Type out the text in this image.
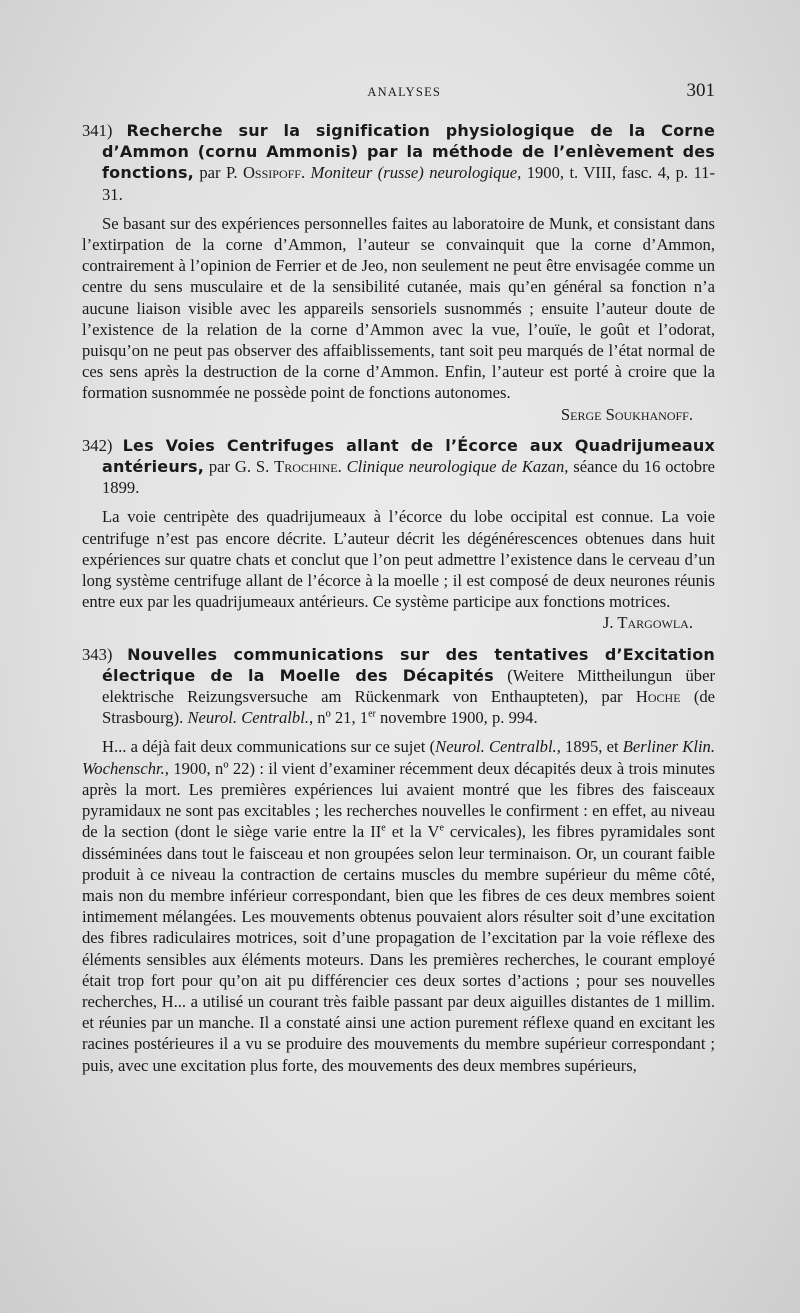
ANALYSES	301

341) Recherche sur la signification physiologique de la Corne d’Ammon (cornu Ammonis) par la méthode de l’enlèvement des fonctions, par P. Ossipoff. Moniteur (russe) neurologique, 1900, t. VIII, fasc. 4, p. 11-31.

Se basant sur des expériences personnelles faites au laboratoire de Munk, et consistant dans l’extirpation de la corne d’Ammon, l’auteur se convainquit que la corne d’Ammon, contrairement à l’opinion de Ferrier et de Jeo, non seulement ne peut être envisagée comme un centre du sens musculaire et de la sensibilité cutanée, mais qu’en général sa fonction n’a aucune liaison visible avec les appareils sensoriels susnommés ; ensuite l’auteur doute de l’existence de la relation de la corne d’Ammon avec la vue, l’ouïe, le goût et l’odorat, puisqu’on ne peut pas observer des affaiblissements, tant soit peu marqués de l’état normal de ces sens après la destruction de la corne d’Ammon. Enfin, l’auteur est porté à croire que la formation susnommée ne possède point de fonctions autonomes.

Serge Soukhanoff.

342) Les Voies Centrifuges allant de l’Écorce aux Quadrijumeaux antérieurs, par G. S. Trochine. Clinique neurologique de Kazan, séance du 16 octobre 1899.

La voie centripète des quadrijumeaux à l’écorce du lobe occipital est connue. La voie centrifuge n’est pas encore décrite. L’auteur décrit les dégénérescences obtenues dans huit expériences sur quatre chats et conclut que l’on peut admettre l’existence dans le cerveau d’un long système centrifuge allant de l’écorce à la moelle ; il est composé de deux neurones réunis entre eux par les quadrijumeaux antérieurs. Ce système participe aux fonctions motrices.

J. Targowla.

343) Nouvelles communications sur des tentatives d’Excitation électrique de la Moelle des Décapités (Weitere Mittheilungun über elektrische Reizungsversuche am Rückenmark von Enthaupteten), par Hoche (de Strasbourg). Neurol. Centralbl., nº 21, 1er novembre 1900, p. 994.

H... a déjà fait deux communications sur ce sujet (Neurol. Centralbl., 1895, et Berliner Klin. Wochenschr., 1900, nº 22) : il vient d’examiner récemment deux décapités deux à trois minutes après la mort. Les premières expériences lui avaient montré que les fibres des faisceaux pyramidaux ne sont pas excitables ; les recherches nouvelles le confirment : en effet, au niveau de la section (dont le siège varie entre la IIe et la Ve cervicales), les fibres pyramidales sont disséminées dans tout le faisceau et non groupées selon leur terminaison. Or, un courant faible produit à ce niveau la contraction de certains muscles du membre supérieur du même côté, mais non du membre inférieur correspondant, bien que les fibres de ces deux membres soient intimement mélangées. Les mouvements obtenus pouvaient alors résulter soit d’une excitation des fibres radiculaires motrices, soit d’une propagation de l’excitation par la voie réflexe des éléments sensibles aux éléments moteurs. Dans les premières recherches, le courant employé était trop fort pour qu’on ait pu différencier ces deux sortes d’actions ; pour ses nouvelles recherches, H... a utilisé un courant très faible passant par deux aiguilles distantes de 1 millim. et réunies par un manche. Il a constaté ainsi une action purement réflexe quand en excitant les racines postérieures il a vu se produire des mouvements du membre supérieur correspondant ; puis, avec une excitation plus forte, des mouvements des deux membres supérieurs,
